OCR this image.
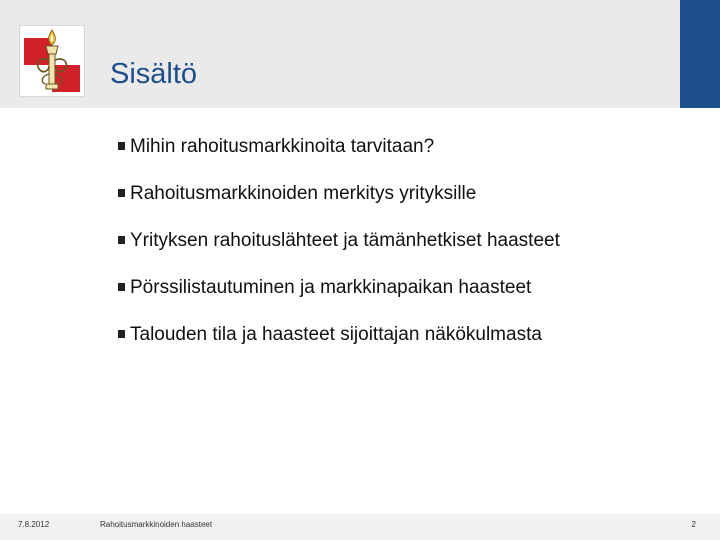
Sisältö
Mihin rahoitusmarkkinoita tarvitaan?
Rahoitusmarkkinoiden merkitys yrityksille
Yrityksen rahoituslähteet ja tämänhetkiset haasteet
Pörssilistautuminen ja markkinapaikan haasteet
Talouden tila ja haasteet sijoittajan näkökulmasta
7.8.2012	Rahoitusmarkkinoiden haasteet	2
